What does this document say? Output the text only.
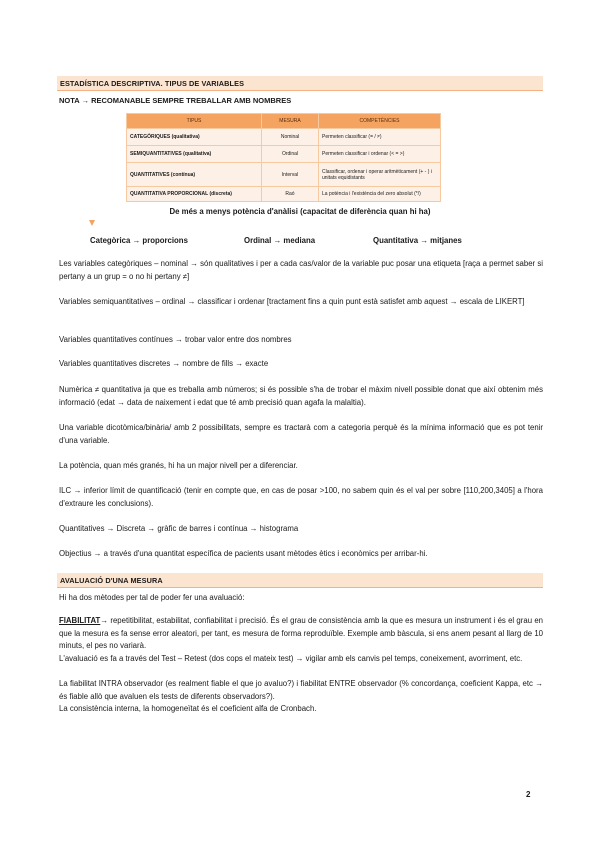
ESTADÍSTICA DESCRIPTIVA. TIPUS DE VARIABLES
NOTA → RECOMANABLE SEMPRE TREBALLAR AMB NOMBRES
TIPUS	MESURA	COMPETÈNCIES
CATEGÒRIQUES (qualitativa)	Nominal	Permeten classificar (= / ≠)
SEMIQUANTITATIVES (qualitativa)	Ordinal	Permeten classificar i ordenar (< = >)
QUANTITATIVES (contínua)	Interval	Classificar, ordenar i operar aritmèticament (+ - ) i unitats equidistants
QUANTITATIVA PROPORCIONAL (discreta)	Raó	La potència i l'existència del zero absolut (*/)
De més a menys potència d'anàlisi (capacitat de diferència quan hi ha)
Categòrica → proporcions	Ordinal → mediana	Quantitativa → mitjanes
Les variables categòriques – nominal → són qualitatives i per a cada cas/valor de la variable puc posar una etiqueta [raça a permet saber si pertany a un grup = o no hi pertany ≠]
Variables semiquantitatives – ordinal → classificar i ordenar [tractament fins a quin punt està satisfet amb aquest → escala de LIKERT]
Variables quantitatives contínues → trobar valor entre dos nombres
Variables quantitatives discretes → nombre de fills → exacte
Numèrica ≠ quantitativa ja que es treballa amb números; si és possible s'ha de trobar el màxim nivell possible donat que així obtenim més informació (edat → data de naixement i edat que té amb precisió quan agafa la malaltia).
Una variable dicotòmica/binària/ amb 2 possibilitats, sempre es tractarà com a categoria perquè és la mínima informació que es pot tenir d'una variable.
La potència, quan més granés, hi ha un major nivell per a diferenciar.
ILC → inferior límit de quantificació (tenir en compte que, en cas de posar >100, no sabem quin és el val per sobre [110,200,3405] a l'hora d'extraure les conclusions).
Quantitatives → Discreta → gràfic de barres i contínua → histograma
Objectius → a través d'una quantitat específica de pacients usant mètodes ètics i econòmics per arribar-hi.
AVALUACIÓ D'UNA MESURA
Hi ha dos mètodes per tal de poder fer una avaluació:
FIABILITAT→ repetitibilitat, estabilitat, confiabilitat i precisió. És el grau de consistència amb la que es mesura un instrument i és el grau en que la mesura es fa sense error aleatori, per tant, es mesura de forma reproduïble. Exemple amb bàscula, si ens anem pesant al llarg de 10 minuts, el pes no variarà.
L'avaluació es fa a través del Test – Retest (dos cops el mateix test) → vigilar amb els canvis pel temps, coneixement, avorriment, etc.
La fiabilitat INTRA observador (es realment fiable el que jo avaluo?) i fiabilitat ENTRE observador (% concordança, coeficient Kappa, etc → és fiable allò que avaluen els tests de diferents observadors?).
La consistència interna, la homogeneïtat és el coeficient alfa de Cronbach.
2
